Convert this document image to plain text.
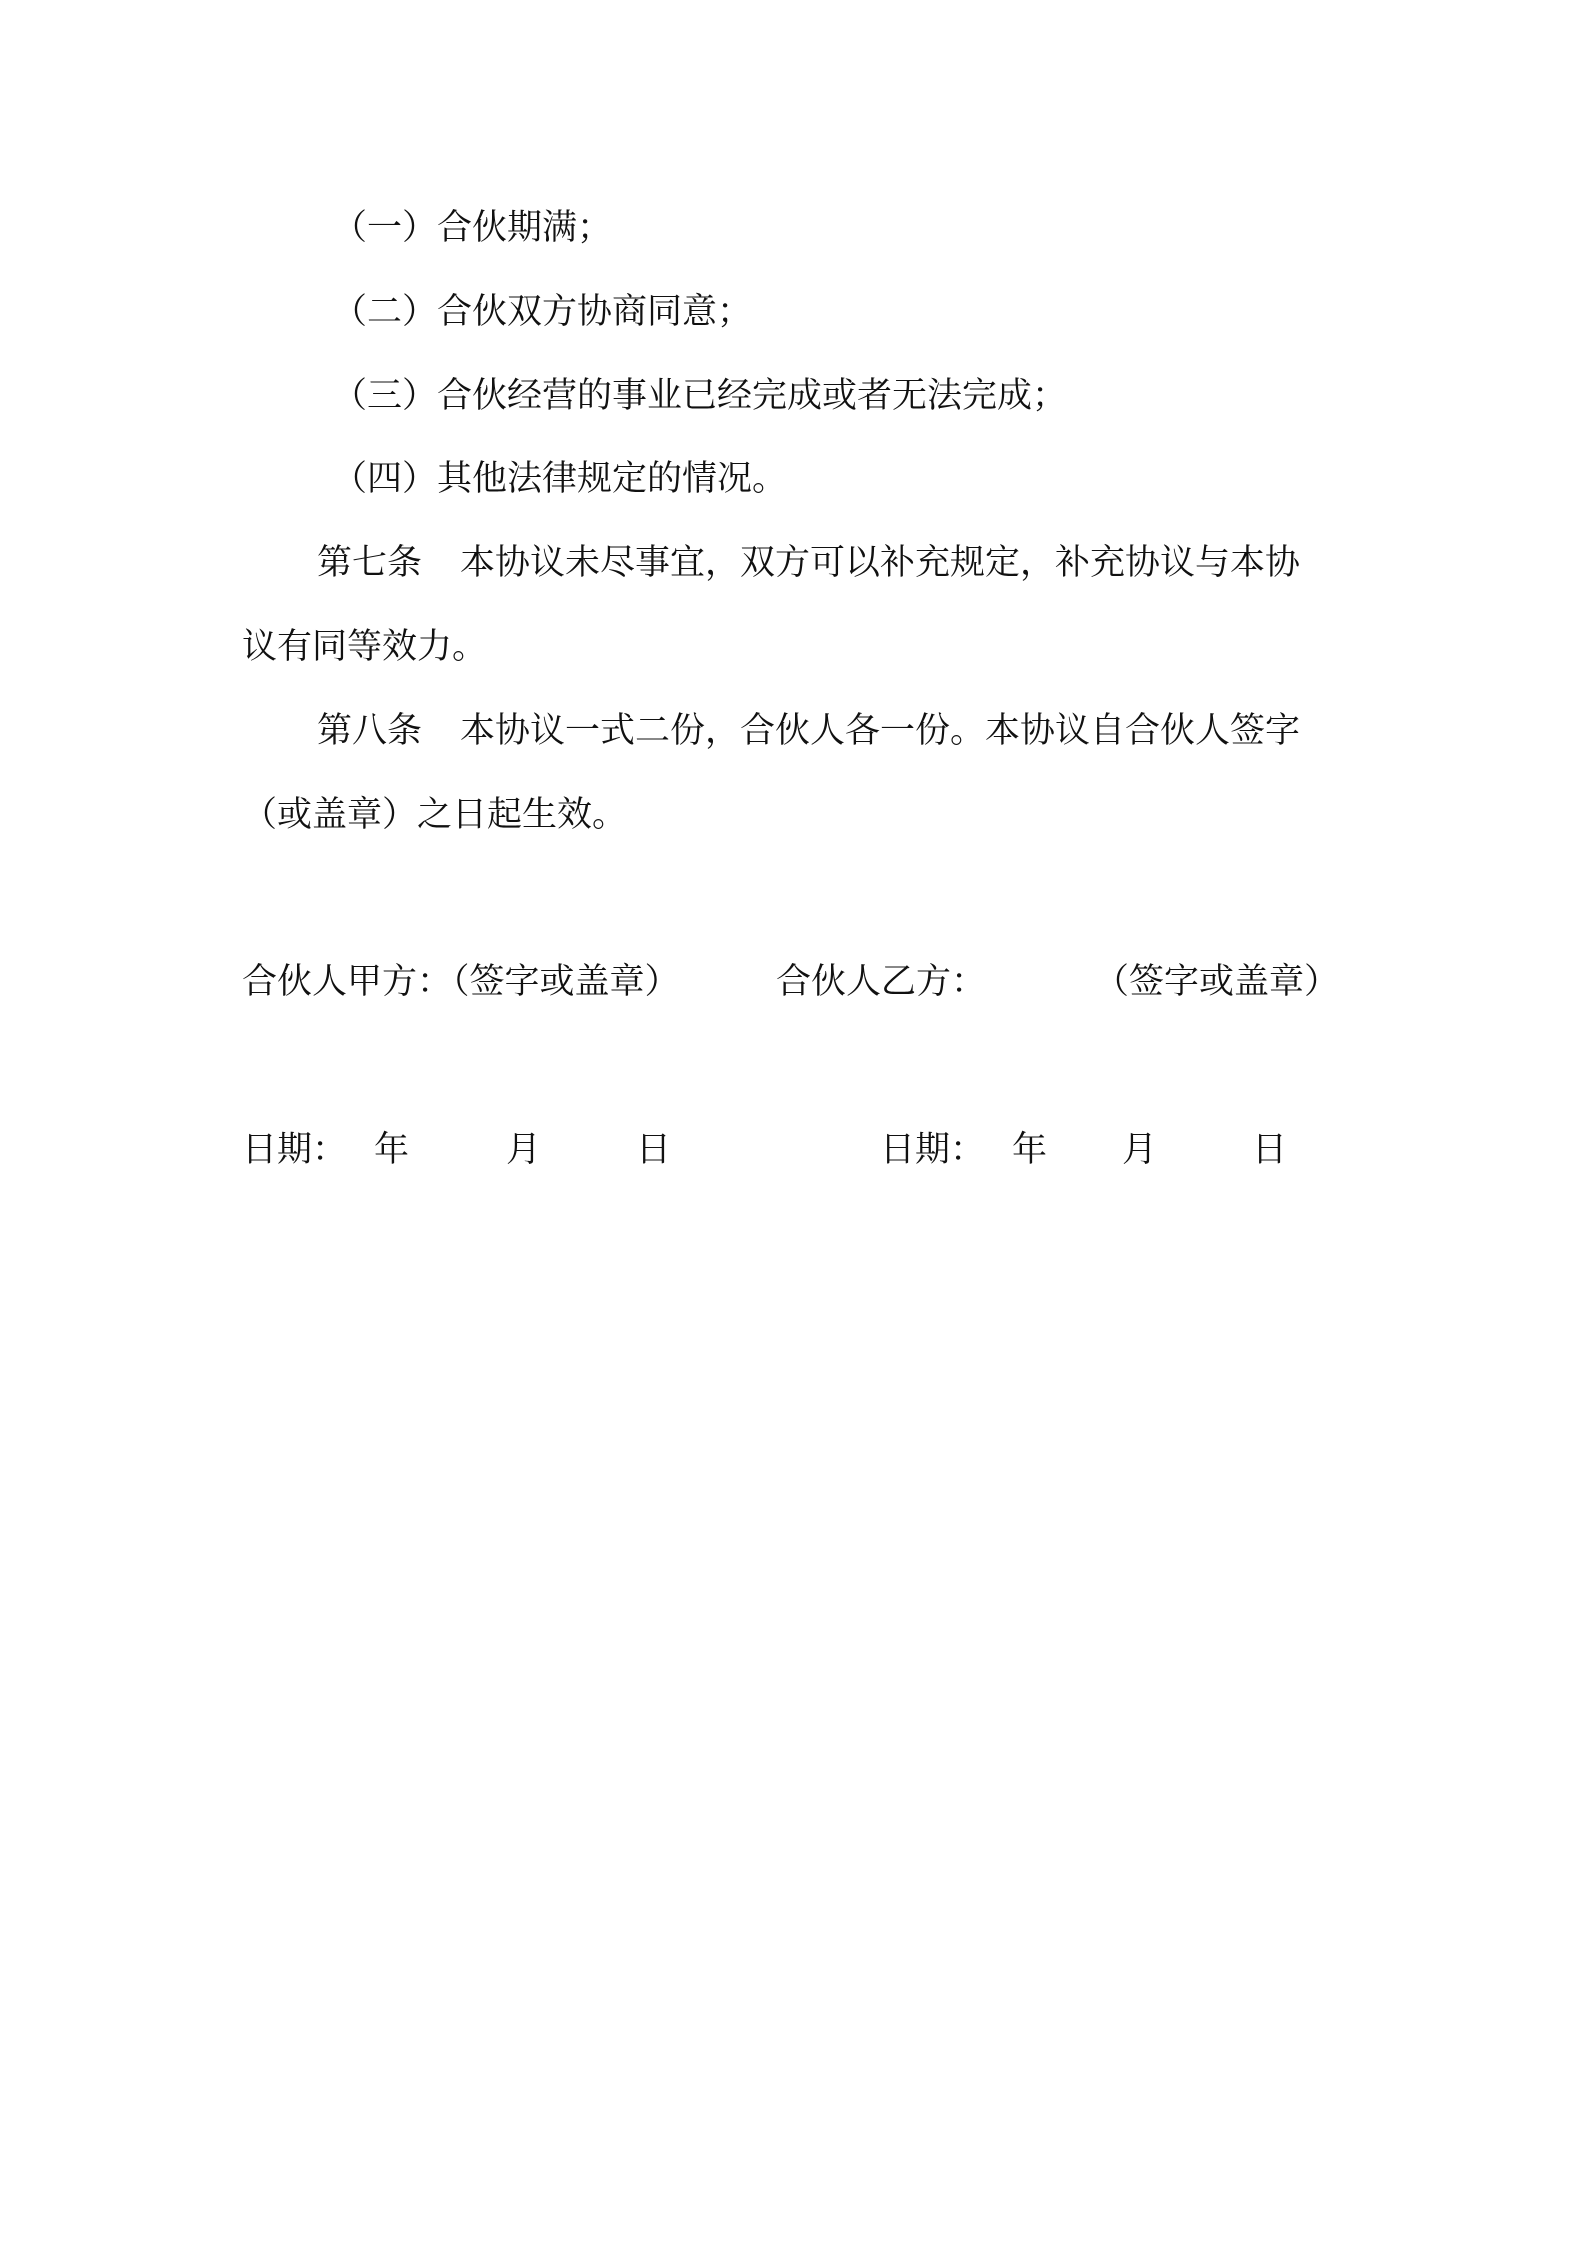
（一）合伙期满；
（二）合伙双方协商同意；
（三）合伙经营的事业已经完成或者无法完成；
（四）其他法律规定的情况。
第七条 本协议未尽事宜，双方可以补充规定，补充协议与本协
议有同等效力。
第八条 本协议一式二份，合伙人各一份。本协议自合伙人签字
（或盖章）之日起生效。
合伙人甲方：（签字或盖章）	合伙人乙方：	（签字或盖章）
日期： 年	月	日	日期： 年 月	日
